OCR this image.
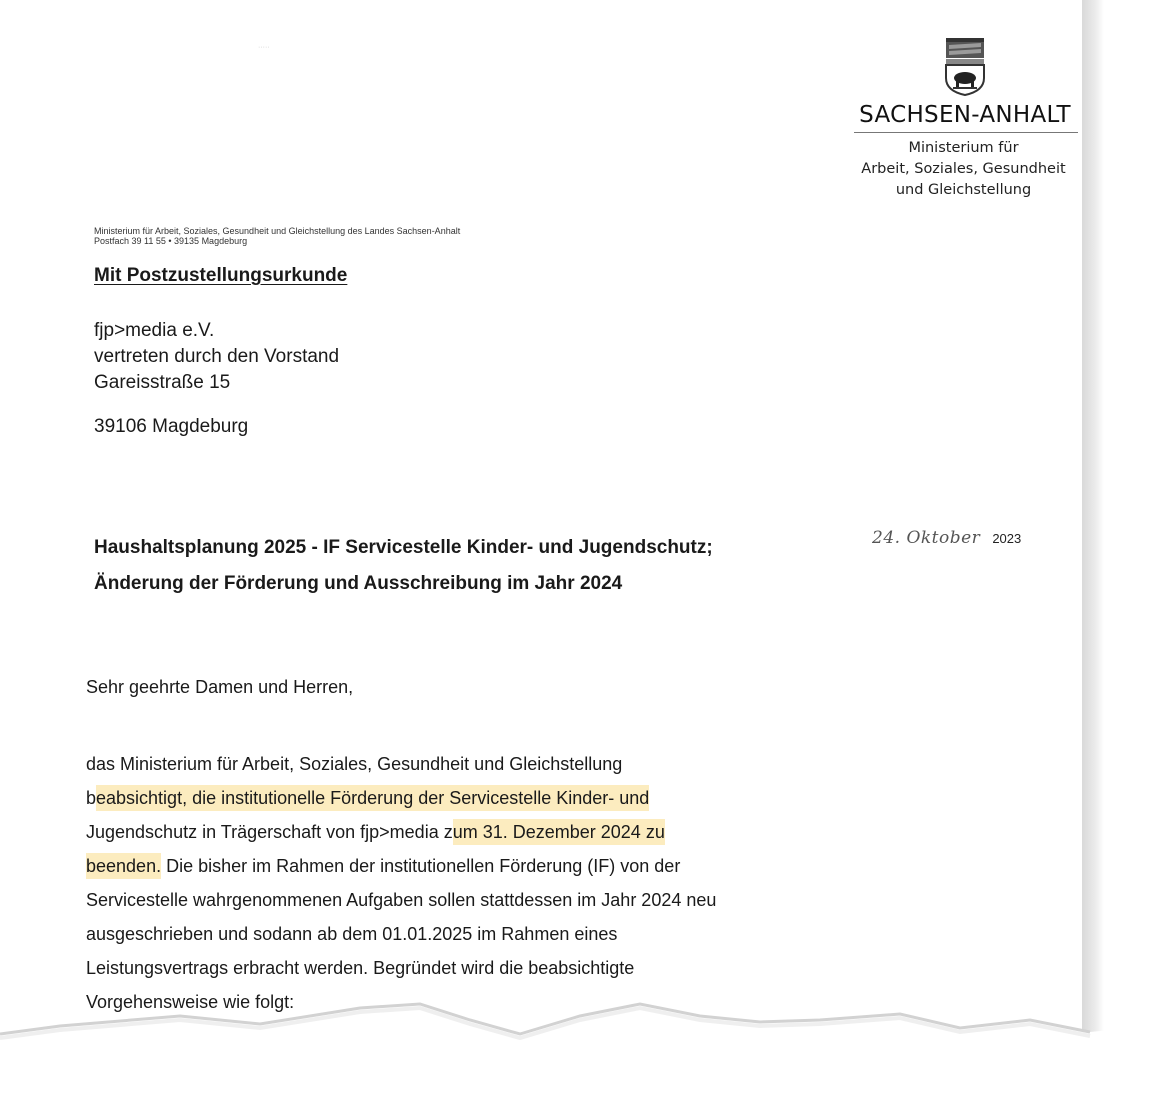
·····
SACHSEN-ANHALT
Ministerium für
Arbeit, Soziales, Gesundheit
und Gleichstellung
Ministerium für Arbeit, Soziales, Gesundheit und Gleichstellung des Landes Sachsen-Anhalt
Postfach 39 11 55 • 39135 Magdeburg
Mit Postzustellungsurkunde
fjp>media e.V.
vertreten durch den Vorstand
Gareisstraße 15
39106 Magdeburg
24. Oktober 2023
Haushaltsplanung 2025 - IF Servicestelle Kinder- und Jugendschutz;
Änderung der Förderung und Ausschreibung im Jahr 2024
Sehr geehrte Damen und Herren,
das Ministerium für Arbeit, Soziales, Gesundheit und Gleichstellung
beabsichtigt, die institutionelle Förderung der Servicestelle Kinder- und
Jugendschutz in Trägerschaft von fjp>media zum 31. Dezember 2024 zu
beenden. Die bisher im Rahmen der institutionellen Förderung (IF) von der
Servicestelle wahrgenommenen Aufgaben sollen stattdessen im Jahr 2024 neu
ausgeschrieben und sodann ab dem 01.01.2025 im Rahmen eines
Leistungsvertrags erbracht werden. Begründet wird die beabsichtigte
Vorgehensweise wie folgt:
